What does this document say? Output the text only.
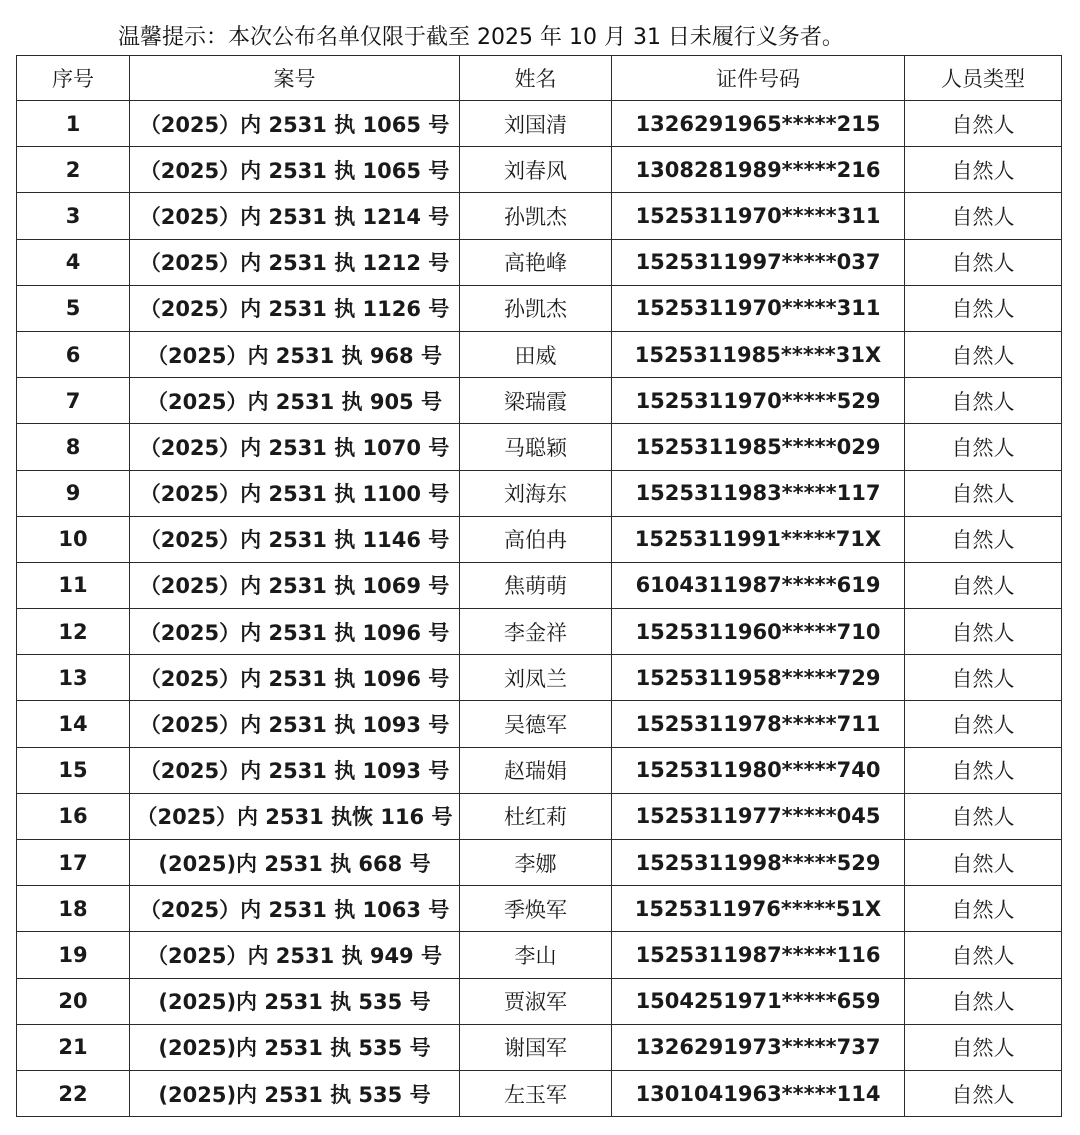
温馨提示：本次公布名单仅限于截至 2025 年 10 月 31 日未履行义务者。
序号	案号	姓名	证件号码	人员类型
1	（2025）内 2531 执 1065 号	刘国清	1326291965*****215	自然人
2	（2025）内 2531 执 1065 号	刘春风	1308281989*****216	自然人
3	（2025）内 2531 执 1214 号	孙凯杰	1525311970*****311	自然人
4	（2025）内 2531 执 1212 号	高艳峰	1525311997*****037	自然人
5	（2025）内 2531 执 1126 号	孙凯杰	1525311970*****311	自然人
6	（2025）内 2531 执 968 号	田威	1525311985*****31X	自然人
7	（2025）内 2531 执 905 号	梁瑞霞	1525311970*****529	自然人
8	（2025）内 2531 执 1070 号	马聪颖	1525311985*****029	自然人
9	（2025）内 2531 执 1100 号	刘海东	1525311983*****117	自然人
10	（2025）内 2531 执 1146 号	高伯冉	1525311991*****71X	自然人
11	（2025）内 2531 执 1069 号	焦萌萌	6104311987*****619	自然人
12	（2025）内 2531 执 1096 号	李金祥	1525311960*****710	自然人
13	（2025）内 2531 执 1096 号	刘凤兰	1525311958*****729	自然人
14	（2025）内 2531 执 1093 号	吴德军	1525311978*****711	自然人
15	（2025）内 2531 执 1093 号	赵瑞娟	1525311980*****740	自然人
16	（2025）内 2531 执恢 116 号	杜红莉	1525311977*****045	自然人
17	(2025)内 2531 执 668 号	李娜	1525311998*****529	自然人
18	（2025）内 2531 执 1063 号	季焕军	1525311976*****51X	自然人
19	（2025）内 2531 执 949 号	李山	1525311987*****116	自然人
20	(2025)内 2531 执 535 号	贾淑军	1504251971*****659	自然人
21	(2025)内 2531 执 535 号	谢国军	1326291973*****737	自然人
22	(2025)内 2531 执 535 号	左玉军	1301041963*****114	自然人
